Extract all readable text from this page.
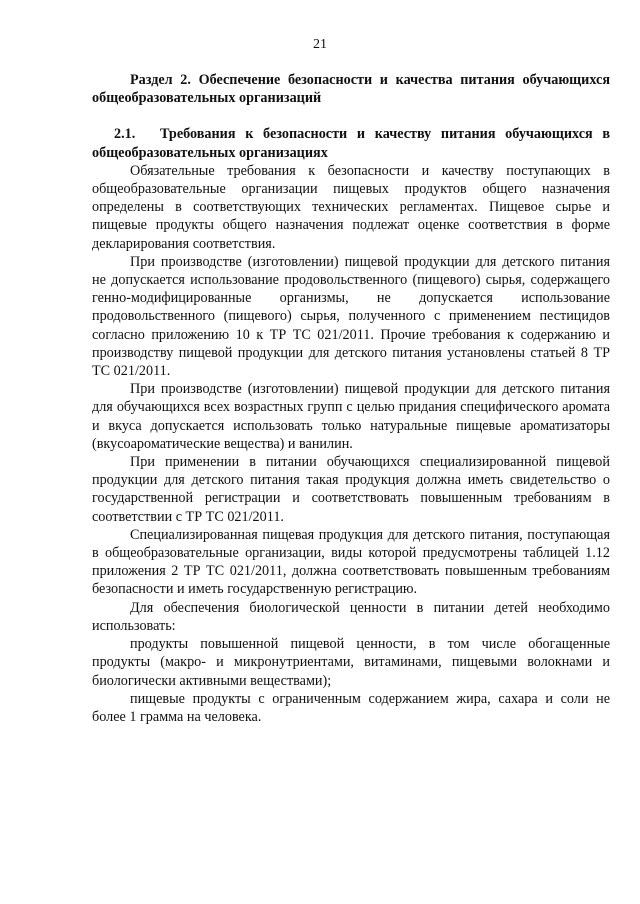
21

Раздел 2. Обеспечение безопасности и качества питания обучающихся общеобразовательных организаций

2.1. Требования к безопасности и качеству питания обучающихся в общеобразовательных организациях

Обязательные требования к безопасности и качеству поступающих в общеобразовательные организации пищевых продуктов общего назначения определены в соответствующих технических регламентах. Пищевое сырье и пищевые продукты общего назначения подлежат оценке соответствия в форме декларирования соответствия.

При производстве (изготовлении) пищевой продукции для детского питания не допускается использование продовольственного (пищевого) сырья, содержащего генно-модифицированные организмы, не допускается использование продовольственного (пищевого) сырья, полученного с применением пестицидов согласно приложению 10 к ТР ТС 021/2011. Прочие требования к содержанию и производству пищевой продукции для детского питания установлены статьей 8 ТР ТС 021/2011.

При производстве (изготовлении) пищевой продукции для детского питания для обучающихся всех возрастных групп с целью придания специфического аромата и вкуса допускается использовать только натуральные пищевые ароматизаторы (вкусоароматические вещества) и ванилин.

При применении в питании обучающихся специализированной пищевой продукции для детского питания такая продукция должна иметь свидетельство о государственной регистрации и соответствовать повышенным требованиям в соответствии с ТР ТС 021/2011.

Специализированная пищевая продукция для детского питания, поступающая в общеобразовательные организации, виды которой предусмотрены таблицей 1.12 приложения 2 ТР ТС 021/2011, должна соответствовать повышенным требованиям безопасности и иметь государственную регистрацию.

Для обеспечения биологической ценности в питании детей необходимо использовать:

продукты повышенной пищевой ценности, в том числе обогащенные продукты (макро- и микронутриентами, витаминами, пищевыми волокнами и биологически активными веществами);

пищевые продукты с ограниченным содержанием жира, сахара и соли не более 1 грамма на человека.
